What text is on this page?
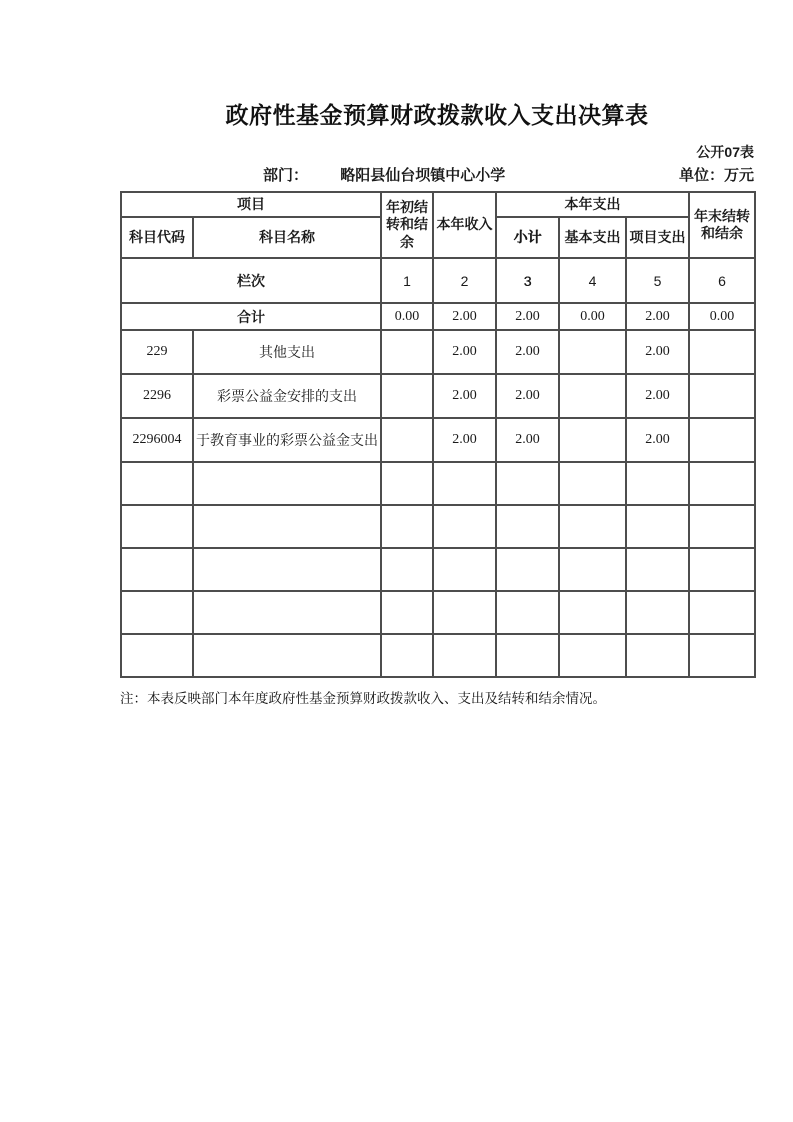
政府性基金预算财政拨款收入支出决算表
公开07表
部门： 略阳县仙台坝镇中心小学	单位：万元
项目		年初结转和结余	本年收入	本年支出			年末结转和结余
科目代码	科目名称			小计	基本支出	项目支出	
栏次		1	2	3	4	5	6
合计		0.00	2.00	2.00	0.00	2.00	0.00
229	其他支出		2.00	2.00		2.00	
2296	彩票公益金安排的支出		2.00	2.00		2.00	
2296004	于教育事业的彩票公益金支出		2.00	2.00		2.00	

注：本表反映部门本年度政府性基金预算财政拨款收入、支出及结转和结余情况。
